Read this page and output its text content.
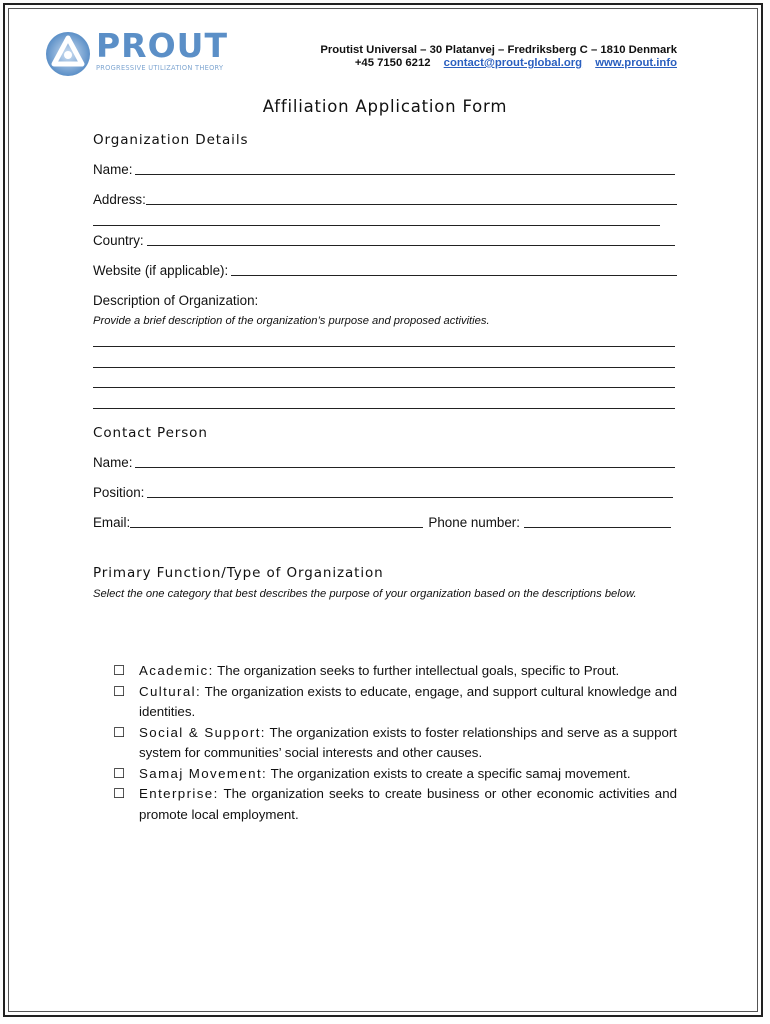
PROUT
PROGRESSIVE UTILIZATION THEORY
Proutist Universal – 30 Platanvej – Fredriksberg C – 1810 Denmark
+45 7150 6212 contact@prout-global.org www.prout.info
Affiliation Application Form
Organization Details
Name:
Address:
Country:
Website (if applicable):
Description of Organization:
Provide a brief description of the organization’s purpose and proposed activities.
Contact Person
Name:
Position:
Email:	Phone number:
Primary Function/Type of Organization
Select the one category that best describes the purpose of your organization based on the descriptions below.
☐	Academic: The organization seeks to further intellectual goals, specific to Prout.
☐	Cultural: The organization exists to educate, engage, and support cultural knowledge and identities.
☐	Social & Support: The organization exists to foster relationships and serve as a support system for communities’ social interests and other causes.
☐	Samaj Movement: The organization exists to create a specific samaj movement.
☐	Enterprise: The organization seeks to create business or other economic activities and promote local employment.
